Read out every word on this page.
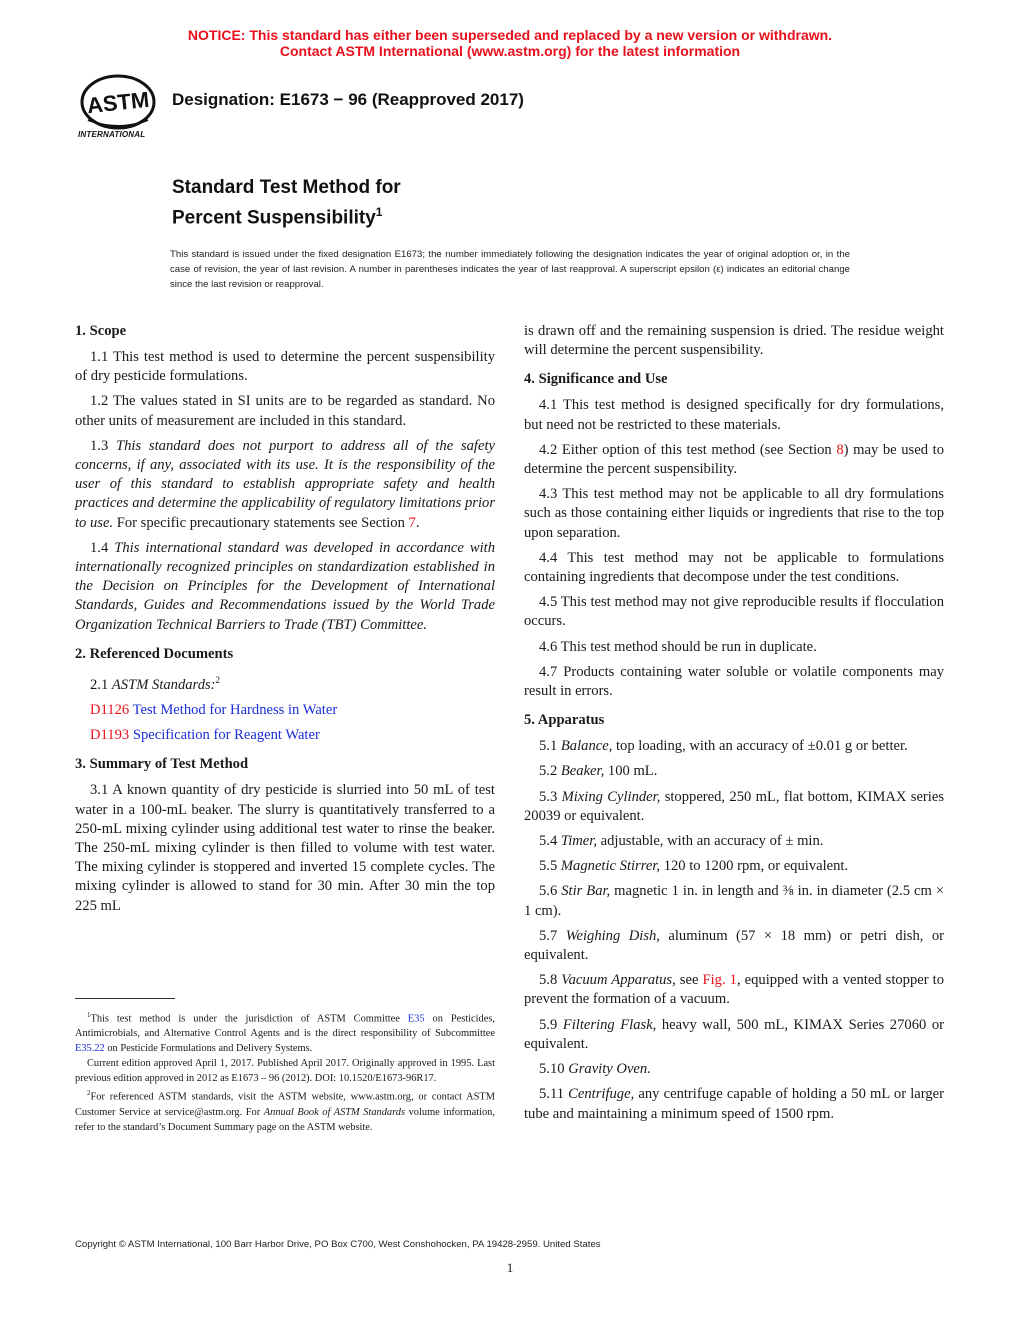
NOTICE: This standard has either been superseded and replaced by a new version or withdrawn.
Contact ASTM International (www.astm.org) for the latest information
ASTM
INTERNATIONAL
Designation: E1673 − 96 (Reapproved 2017)
Standard Test Method for
Percent Suspensibility$^1$
This standard is issued under the fixed designation E1673; the number immediately following the designation indicates the year of original adoption or, in the case of revision, the year of last revision. A number in parentheses indicates the year of last reapproval. A superscript epsilon (ε) indicates an editorial change since the last revision or reapproval.
1. Scope

1.1 This test method is used to determine the percent suspensibility of dry pesticide formulations.

1.2 The values stated in SI units are to be regarded as standard. No other units of measurement are included in this standard.

1.3 This standard does not purport to address all of the safety concerns, if any, associated with its use. It is the responsibility of the user of this standard to establish appropriate safety and health practices and determine the applicability of regulatory limitations prior to use. For specific precautionary statements see Section 7.

1.4 This international standard was developed in accordance with internationally recognized principles on standardization established in the Decision on Principles for the Development of International Standards, Guides and Recommendations issued by the World Trade Organization Technical Barriers to Trade (TBT) Committee.

2. Referenced Documents

2.1 ASTM Standards:$^2$

D1126 Test Method for Hardness in Water

D1193 Specification for Reagent Water

3. Summary of Test Method

3.1 A known quantity of dry pesticide is slurried into 50 mL of test water in a 100-mL beaker. The slurry is quantitatively transferred to a 250-mL mixing cylinder using additional test water to rinse the beaker. The 250-mL mixing cylinder is then filled to volume with test water. The mixing cylinder is stoppered and inverted 15 complete cycles. The mixing cylinder is allowed to stand for 30 min. After 30 min the top 225 mL

is drawn off and the remaining suspension is dried. The residue weight will determine the percent suspensibility.

4. Significance and Use

4.1 This test method is designed specifically for dry formulations, but need not be restricted to these materials.

4.2 Either option of this test method (see Section 8) may be used to determine the percent suspensibility.

4.3 This test method may not be applicable to all dry formulations such as those containing either liquids or ingredients that rise to the top upon separation.

4.4 This test method may not be applicable to formulations containing ingredients that decompose under the test conditions.

4.5 This test method may not give reproducible results if flocculation occurs.

4.6 This test method should be run in duplicate.

4.7 Products containing water soluble or volatile components may result in errors.

5. Apparatus

5.1 Balance, top loading, with an accuracy of ±0.01 g or better.

5.2 Beaker, 100 mL.

5.3 Mixing Cylinder, stoppered, 250 mL, flat bottom, KIMAX series 20039 or equivalent.

5.4 Timer, adjustable, with an accuracy of ± min.

5.5 Magnetic Stirrer, 120 to 1200 rpm, or equivalent.

5.6 Stir Bar, magnetic 1 in. in length and ⅜ in. in diameter (2.5 cm × 1 cm).

5.7 Weighing Dish, aluminum (57 × 18 mm) or petri dish, or equivalent.

5.8 Vacuum Apparatus, see Fig. 1, equipped with a vented stopper to prevent the formation of a vacuum.

5.9 Filtering Flask, heavy wall, 500 mL, KIMAX Series 27060 or equivalent.

5.10 Gravity Oven.

5.11 Centrifuge, any centrifuge capable of holding a 50 mL or larger tube and maintaining a minimum speed of 1500 rpm.

$^1$This test method is under the jurisdiction of ASTM Committee E35 on Pesticides, Antimicrobials, and Alternative Control Agents and is the direct responsibility of Subcommittee E35.22 on Pesticide Formulations and Delivery Systems.

Current edition approved April 1, 2017. Published April 2017. Originally approved in 1995. Last previous edition approved in 2012 as E1673 – 96 (2012). DOI: 10.1520/E1673-96R17.

$^2$For referenced ASTM standards, visit the ASTM website, www.astm.org, or contact ASTM Customer Service at service@astm.org. For Annual Book of ASTM Standards volume information, refer to the standard’s Document Summary page on the ASTM website.

Copyright © ASTM International, 100 Barr Harbor Drive, PO Box C700, West Conshohocken, PA 19428-2959. United States
1
